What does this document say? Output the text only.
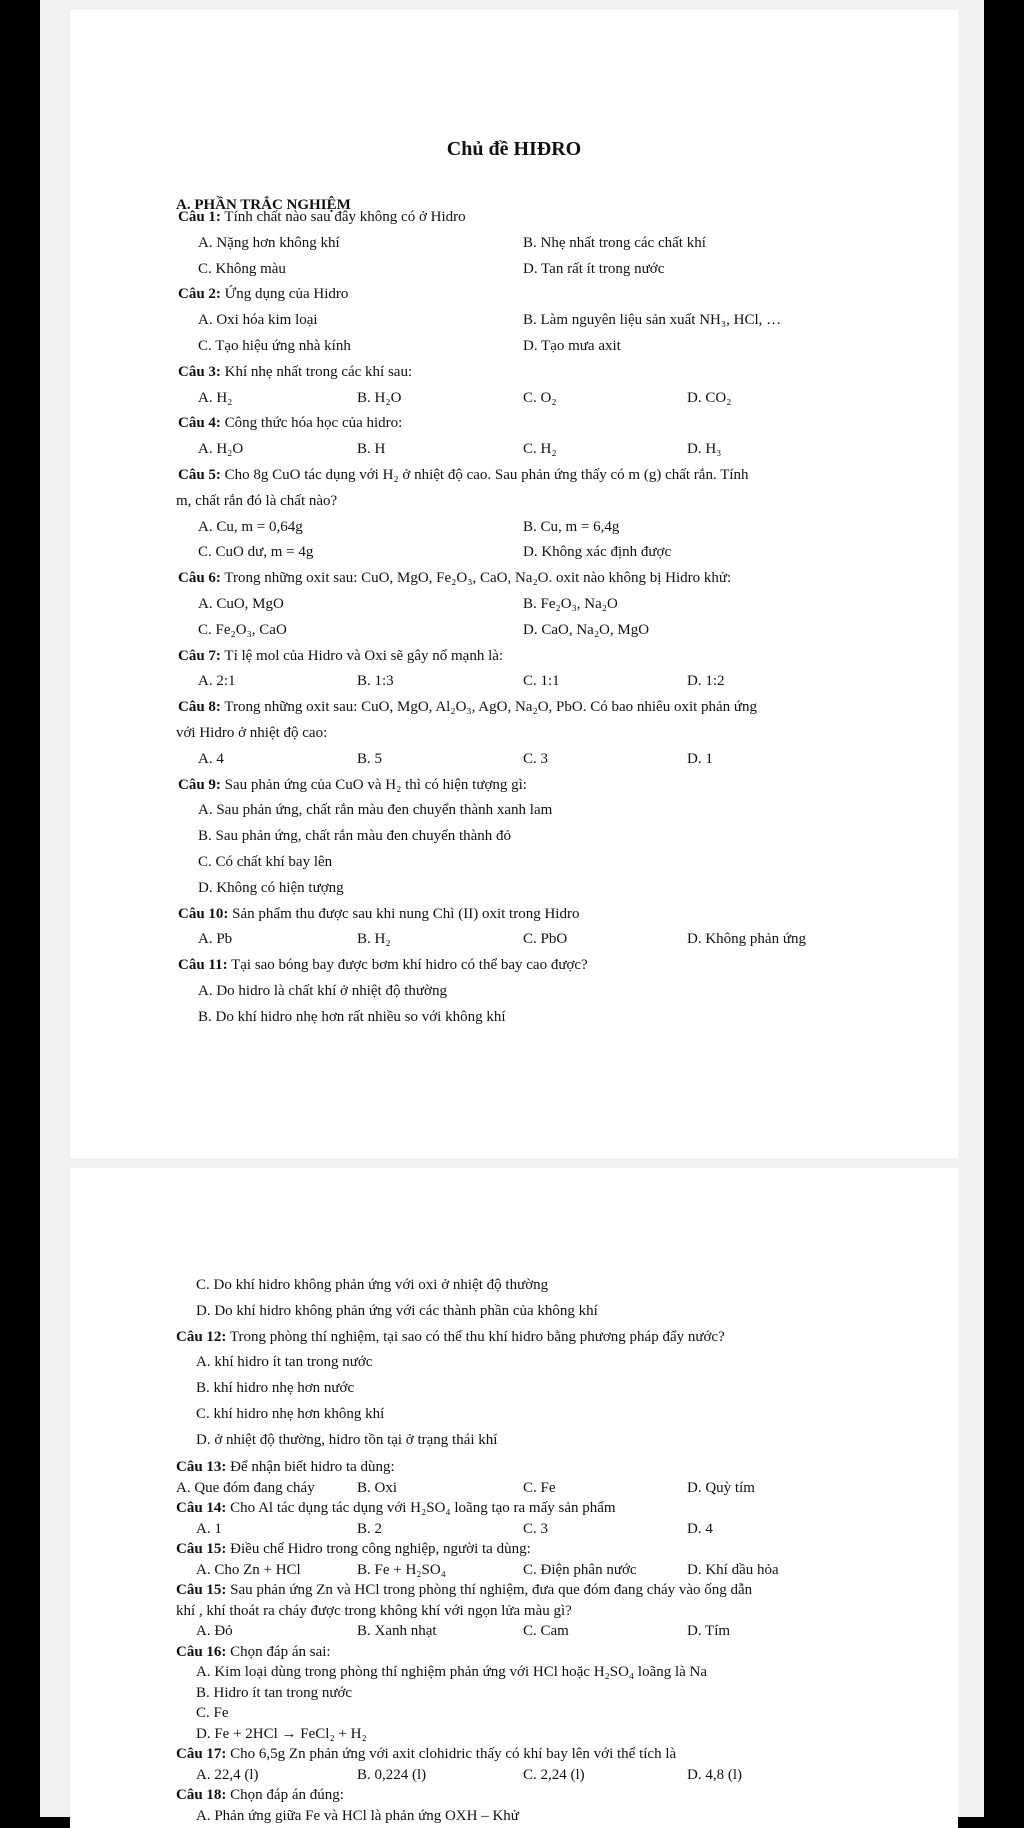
Chủ đề HIĐRO
A. PHẦN TRẮC NGHIỆM
Câu 1: Tính chất nào sau đây không có ở Hidro
A. Nặng hơn không khí	B. Nhẹ nhất trong các chất khí
C. Không màu	D. Tan rất ít trong nước
Câu 2: Ứng dụng của Hidro
A. Oxi hóa kim loại	B. Làm nguyên liệu sản xuất NH₃, HCl, …
C. Tạo hiệu ứng nhà kính	D. Tạo mưa axit
Câu 3: Khí nhẹ nhất trong các khí sau:
A. H₂	B. H₂O	C. O₂	D. CO₂
Câu 4: Công thức hóa học của hidro:
A. H₂O	B. H	C. H₂	D. H₃
Câu 5: Cho 8g CuO tác dụng với H₂ ở nhiệt độ cao. Sau phản ứng thấy có m (g) chất rắn. Tính
m, chất rắn đó là chất nào?
A. Cu, m = 0,64g	B. Cu, m = 6,4g
C. CuO dư, m = 4g	D. Không xác định được
Câu 6: Trong những oxit sau: CuO, MgO, Fe₂O₃, CaO, Na₂O. oxit nào không bị Hidro khử:
A. CuO, MgO	B. Fe₂O₃, Na₂O
C. Fe₂O₃, CaO	D. CaO, Na₂O, MgO
Câu 7: Tỉ lệ mol của Hidro và Oxi sẽ gây nổ mạnh là:
A. 2:1	B. 1:3	C. 1:1	D. 1:2
Câu 8: Trong những oxit sau: CuO, MgO, Al₂O₃, AgO, Na₂O, PbO. Có bao nhiêu oxit phản ứng
với Hidro ở nhiệt độ cao:
A. 4	B. 5	C. 3	D. 1
Câu 9: Sau phản ứng của CuO và H₂ thì có hiện tượng gì:
A. Sau phản ứng, chất rắn màu đen chuyển thành xanh lam
B. Sau phản ứng, chất rắn màu đen chuyển thành đỏ
C. Có chất khí bay lên
D. Không có hiện tượng
Câu 10: Sản phẩm thu được sau khi nung Chì (II) oxit trong Hidro
A. Pb	B. H₂	C. PbO	D. Không phản ứng
Câu 11: Tại sao bóng bay được bơm khí hidro có thể bay cao được?
A. Do hidro là chất khí ở nhiệt độ thường
B. Do khí hidro nhẹ hơn rất nhiều so với không khí
C. Do khí hidro không phản ứng với oxi ở nhiệt độ thường
D. Do khí hidro không phản ứng với các thành phần của không khí
Câu 12: Trong phòng thí nghiệm, tại sao có thể thu khí hidro bằng phương pháp đẩy nước?
A. khí hidro ít tan trong nước
B. khí hidro nhẹ hơn nước
C. khí hidro nhẹ hơn không khí
D. ở nhiệt độ thường, hidro tồn tại ở trạng thái khí
Câu 13: Để nhận biết hidro ta dùng:
A. Que đóm đang cháy	B. Oxi	C. Fe	D. Quỳ tím
Câu 14: Cho Al tác dụng tác dụng với H₂SO₄ loãng tạo ra mấy sản phẩm
A. 1	B. 2	C. 3	D. 4
Câu 15: Điều chế Hidro trong công nghiệp, người ta dùng:
A. Cho Zn + HCl	B. Fe + H₂SO₄	C. Điện phân nước	D. Khí dầu hỏa
Câu 15: Sau phản ứng Zn và HCl trong phòng thí nghiệm, đưa que đóm đang cháy vào ống dẫn
khí , khí thoát ra cháy được trong không khí với ngọn lửa màu gì?
A. Đỏ	B. Xanh nhạt	C. Cam	D. Tím
Câu 16: Chọn đáp án sai:
A. Kim loại dùng trong phòng thí nghiệm phản ứng với HCl hoặc H₂SO₄ loãng là Na
B. Hidro ít tan trong nước
C. Fe
D. Fe + 2HCl → FeCl₂ + H₂
Câu 17: Cho 6,5g Zn phản ứng với axit clohidric thấy có khí bay lên với thể tích là
A. 22,4 (l)	B. 0,224 (l)	C. 2,24 (l)	D. 4,8 (l)
Câu 18: Chọn đáp án đúng:
A. Phản ứng giữa Fe và HCl là phản ứng OXH – Khử
